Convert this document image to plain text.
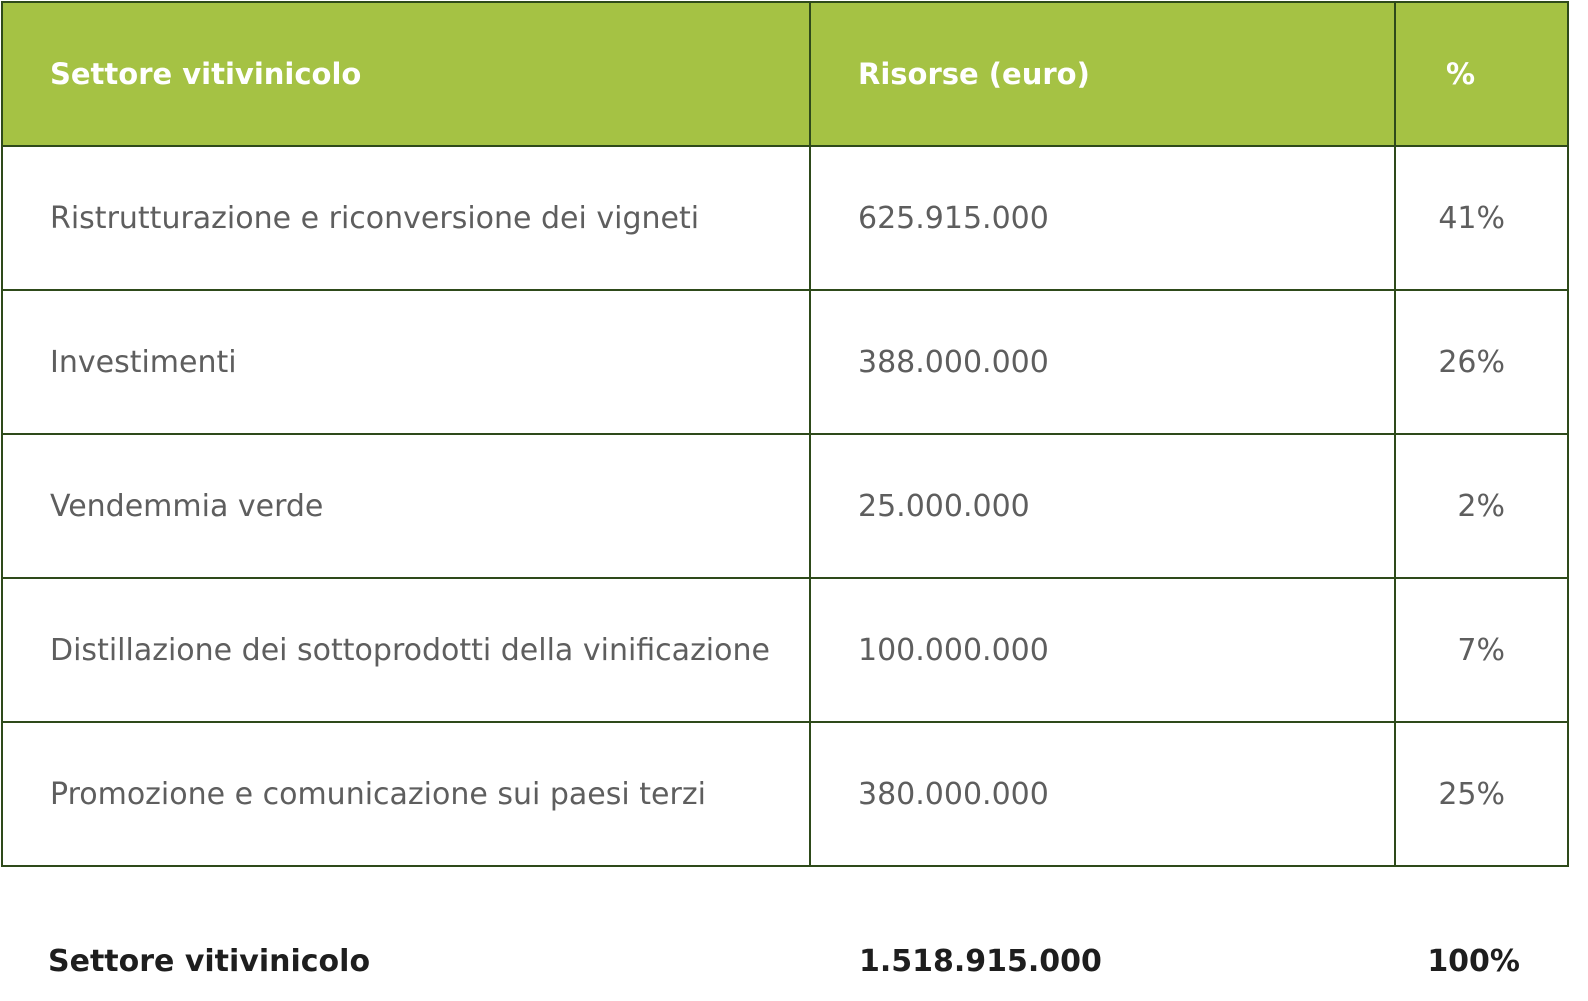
Settore vitivinicolo	Risorse (euro)	%
Ristrutturazione e riconversione dei vigneti	625.915.000	41%
Investimenti	388.000.000	26%
Vendemmia verde	25.000.000	2%
Distillazione dei sottoprodotti della vinificazione	100.000.000	7%
Promozione e comunicazione sui paesi terzi	380.000.000	25%
Settore vitivinicolo	1.518.915.000	100%
